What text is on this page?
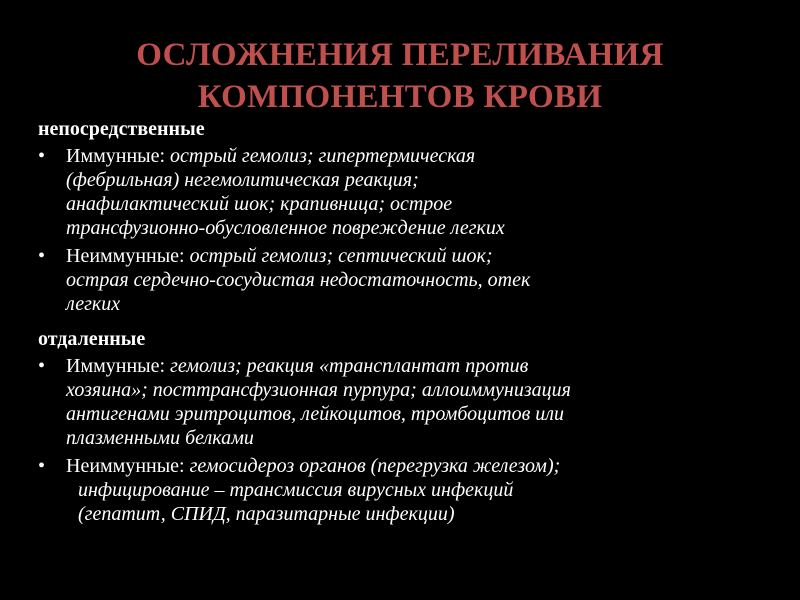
ОСЛОЖНЕНИЯ ПЕРЕЛИВАНИЯ
КОМПОНЕНТОВ КРОВИ
непосредственные
•	Иммунные: острый гемолиз; гипертермическая
(фебрильная) негемолитическая реакция;
анафилактический шок; крапивница; острое
трансфузионно-обусловленное повреждение легких
•	Неиммунные: острый гемолиз; септический шок;
острая сердечно-сосудистая недостаточность, отек
легких
отдаленные
•	Иммунные: гемолиз; реакция «трансплантат против
хозяина»; посттрансфузионная пурпура; аллоиммунизация
антигенами эритроцитов, лейкоцитов, тромбоцитов или
плазменными белками
•	Неиммунные: гемосидероз органов (перегрузка железом);

инфицирование – трансмиссия вирусных инфекций
(гепатит, СПИД, паразитарные инфекции)
